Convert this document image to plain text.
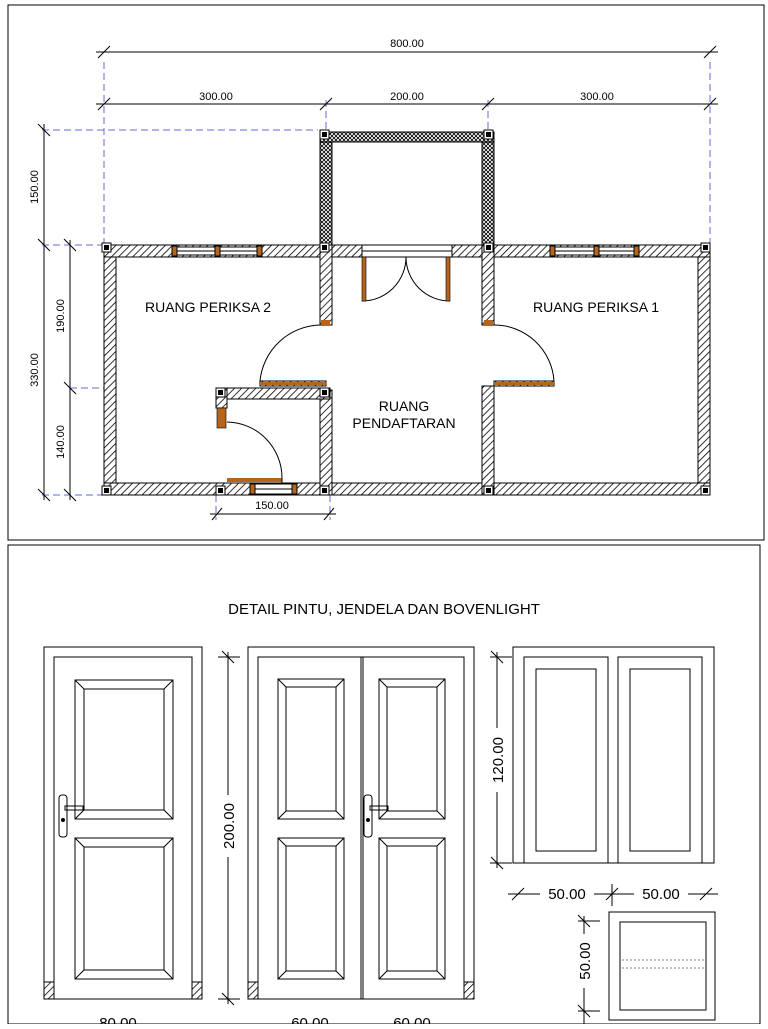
800.00
300.00	200.00	300.00
150.00
150.00
330.00
190.00
140.00
RUANG PERIKSA 2	RUANG PERIKSA 1
RUANG
PENDAFTARAN
DETAIL PINTU, JENDELA DAN BOVENLIGHT
200.00
80.00	60.00	60.00
120.00
50.00	50.00
50.00
